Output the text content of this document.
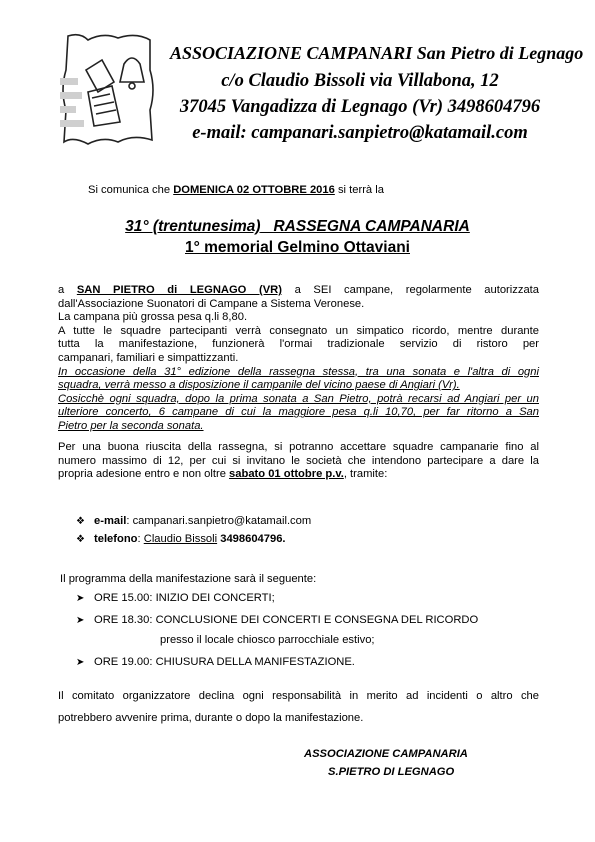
ASSOCIAZIONE CAMPANARI San Pietro di Legnago
c/o Claudio Bissoli via Villabona, 12
37045 Vangadizza di Legnago (Vr) 3498604796
e-mail: campanari.sanpietro@katamail.com
Si comunica che DOMENICA 02 OTTOBRE 2016 si terrà la
31° (trentunesima) RASSEGNA CAMPANARIA
1° memorial Gelmino Ottaviani
a SAN PIETRO di LEGNAGO (VR) a SEI campane, regolarmente autorizzata
dall'Associazione Suonatori di Campane a Sistema Veronese.
La campana più grossa pesa q.li 8,80.
A tutte le squadre partecipanti verrà consegnato un simpatico ricordo, mentre durante
tutta la manifestazione, funzionerà l'ormai tradizionale servizio di ristoro per
campanari, familiari e simpattizzanti.
In occasione della 31° edizione della rassegna stessa, tra una sonata e l'altra di ogni
squadra, verrà messo a disposizione il campanile del vicino paese di Angiari (Vr).
Cosicchè ogni squadra, dopo la prima sonata a San Pietro, potrà recarsi ad Angiari per un
ulteriore concerto, 6 campane di cui la maggiore pesa q.li 10,70, per far ritorno a San
Pietro per la seconda sonata.
Per una buona riuscita della rassegna, si potranno accettare squadre campanarie fino al
numero massimo di 12, per cui si invitano le società che intendono partecipare a dare la
propria adesione entro e non oltre sabato 01 ottobre p.v., tramite:
❖ e-mail: campanari.sanpietro@katamail.com
❖ telefono: Claudio Bissoli 3498604796.
Il programma della manifestazione sarà il seguente:
➤ ORE 15.00: INIZIO DEI CONCERTI;
➤ ORE 18.30: CONCLUSIONE DEI CONCERTI E CONSEGNA DEL RICORDO
presso il locale chiosco parrocchiale estivo;
➤ ORE 19.00: CHIUSURA DELLA MANIFESTAZIONE.
Il comitato organizzatore declina ogni responsabilità in merito ad incidenti o altro che
potrebbero avvenire prima, durante o dopo la manifestazione.
ASSOCIAZIONE CAMPANARIA
S.PIETRO DI LEGNAGO
